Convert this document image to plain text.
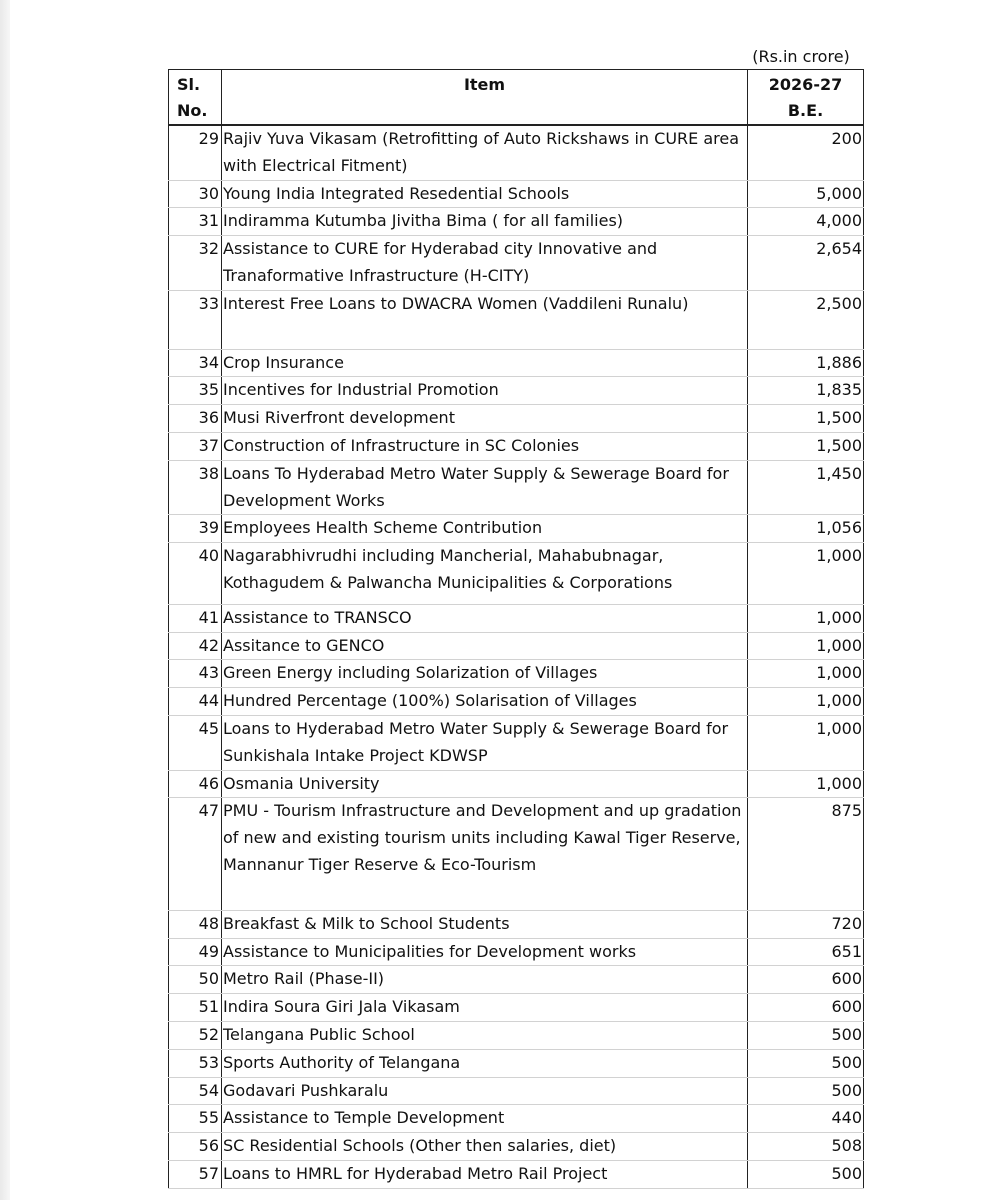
(Rs.in crore)
Sl. No.	Item	2026-27 B.E.
29	Rajiv Yuva Vikasam (Retrofitting of Auto Rickshaws in CURE area with Electrical Fitment)	200
30	Young India Integrated Resedential Schools	5,000
31	Indiramma Kutumba Jivitha Bima ( for all families)	4,000
32	Assistance to CURE for Hyderabad city Innovative and Tranaformative Infrastructure (H-CITY)	2,654
33	Interest Free Loans to DWACRA Women (Vaddileni Runalu)	2,500
34	Crop Insurance	1,886
35	Incentives for Industrial Promotion	1,835
36	Musi Riverfront development	1,500
37	Construction of Infrastructure in SC Colonies	1,500
38	Loans To Hyderabad Metro Water Supply & Sewerage Board for Development Works	1,450
39	Employees Health Scheme Contribution	1,056
40	Nagarabhivrudhi including Mancherial, Mahabubnagar, Kothagudem & Palwancha Municipalities & Corporations	1,000
41	Assistance to TRANSCO	1,000
42	Assitance to GENCO	1,000
43	Green Energy including Solarization of Villages	1,000
44	Hundred Percentage (100%) Solarisation of Villages	1,000
45	Loans to Hyderabad Metro Water Supply & Sewerage Board for Sunkishala Intake Project KDWSP	1,000
46	Osmania University	1,000
47	PMU - Tourism Infrastructure and Development and up gradation of new and existing tourism units including Kawal Tiger Reserve, Mannanur Tiger Reserve & Eco-Tourism	875
48	Breakfast & Milk to School Students	720
49	Assistance to Municipalities for Development works	651
50	Metro Rail (Phase-II)	600
51	Indira Soura Giri Jala Vikasam	600
52	Telangana Public School	500
53	Sports Authority of Telangana	500
54	Godavari Pushkaralu	500
55	Assistance to Temple Development	440
56	SC Residential Schools (Other then salaries, diet)	508
57	Loans to HMRL for Hyderabad Metro Rail Project	500
